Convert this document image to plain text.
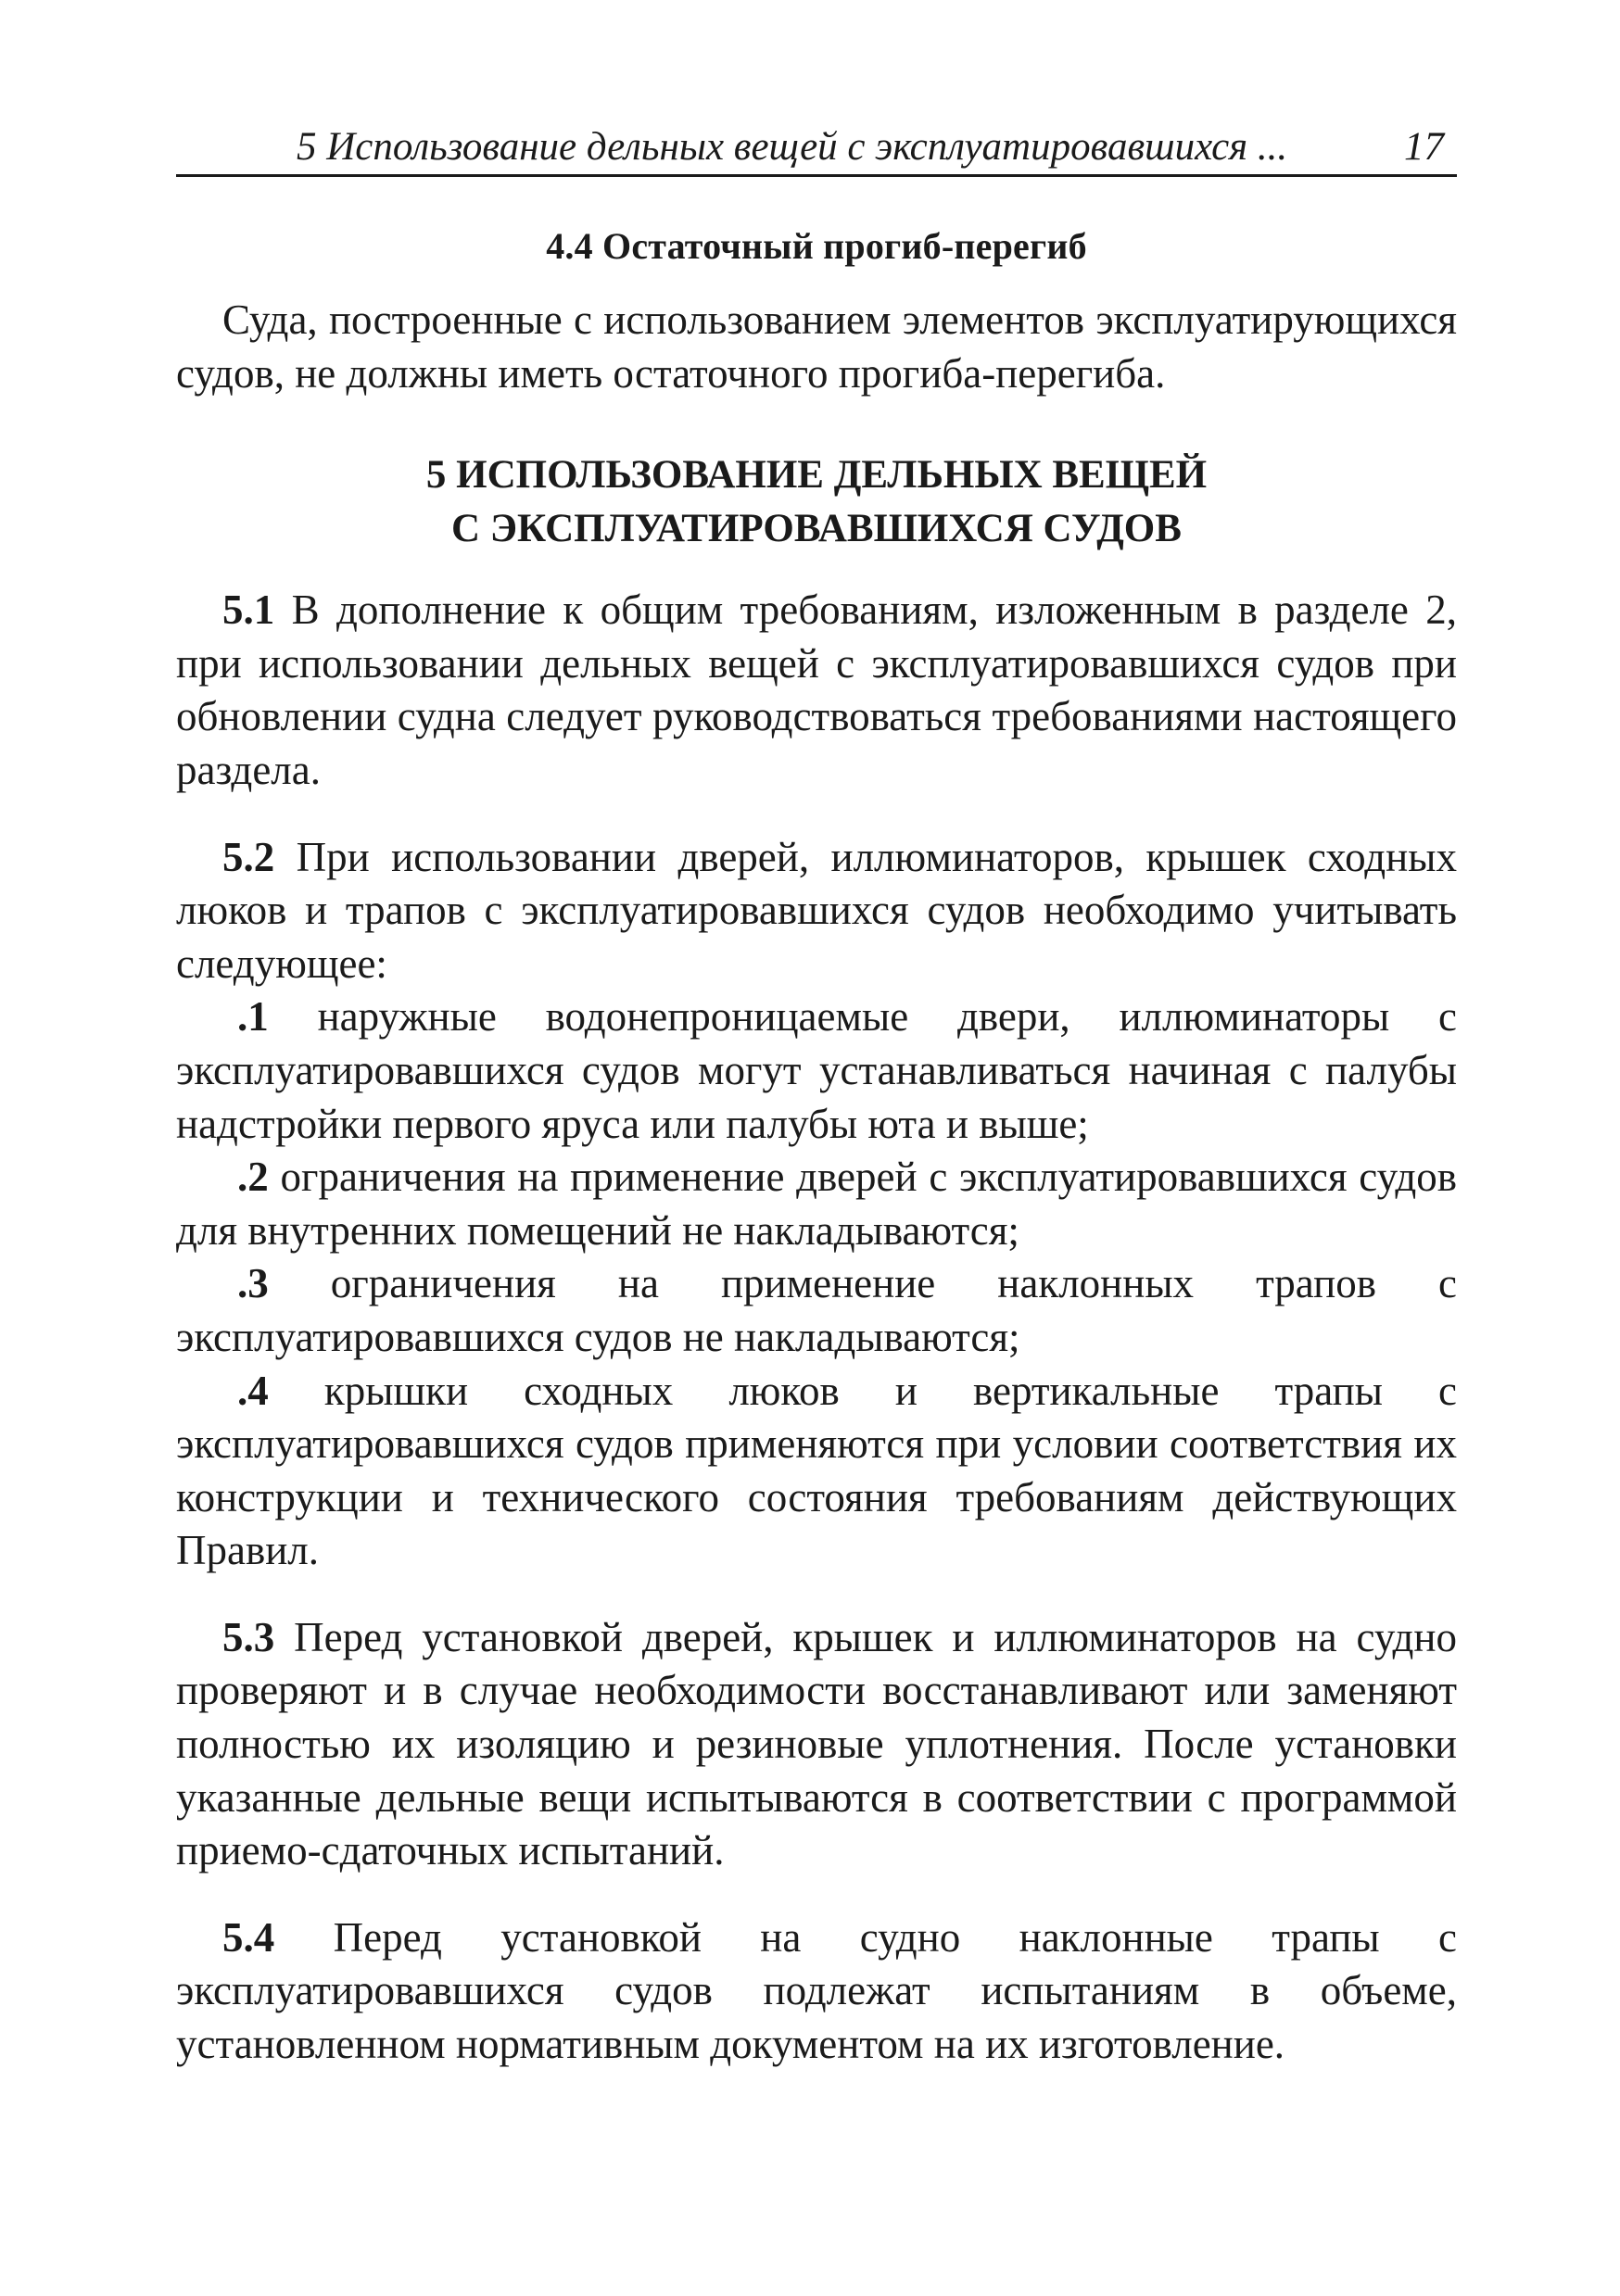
5 Использование дельных вещей с эксплуатировавшихся ...	17
4.4 Остаточный прогиб-перегиб

Суда, построенные с использованием элементов эксплуатирующихся судов, не должны иметь остаточного прогиба-перегиба.

5 ИСПОЛЬЗОВАНИЕ ДЕЛЬНЫХ ВЕЩЕЙ
С ЭКСПЛУАТИРОВАВШИХСЯ СУДОВ

5.1 В дополнение к общим требованиям, изложенным в разделе 2, при использовании дельных вещей с эксплуатировавшихся судов при обновлении судна следует руководствоваться требованиями настоящего раздела.

5.2 При использовании дверей, иллюминаторов, крышек сходных люков и трапов с эксплуатировавшихся судов необходимо учитывать следующее:

.1 наружные водонепроницаемые двери, иллюминаторы с эксплуатировавшихся судов могут устанавливаться начиная с палубы надстройки первого яруса или палубы юта и выше;

.2 ограничения на применение дверей с эксплуатировавшихся судов для внутренних помещений не накладываются;

.3 ограничения на применение наклонных трапов с эксплуатировавшихся судов не накладываются;

.4 крышки сходных люков и вертикальные трапы с эксплуатировавшихся судов применяются при условии соответствия их конструкции и технического состояния требованиям действующих Правил.

5.3 Перед установкой дверей, крышек и иллюминаторов на судно проверяют и в случае необходимости восстанавливают или заменяют полностью их изоляцию и резиновые уплотнения. После установки указанные дельные вещи испытываются в соответствии с программой приемо-сдаточных испытаний.

5.4 Перед установкой на судно наклонные трапы с эксплуатировавшихся судов подлежат испытаниям в объеме, установленном нормативным документом на их изготовление.
